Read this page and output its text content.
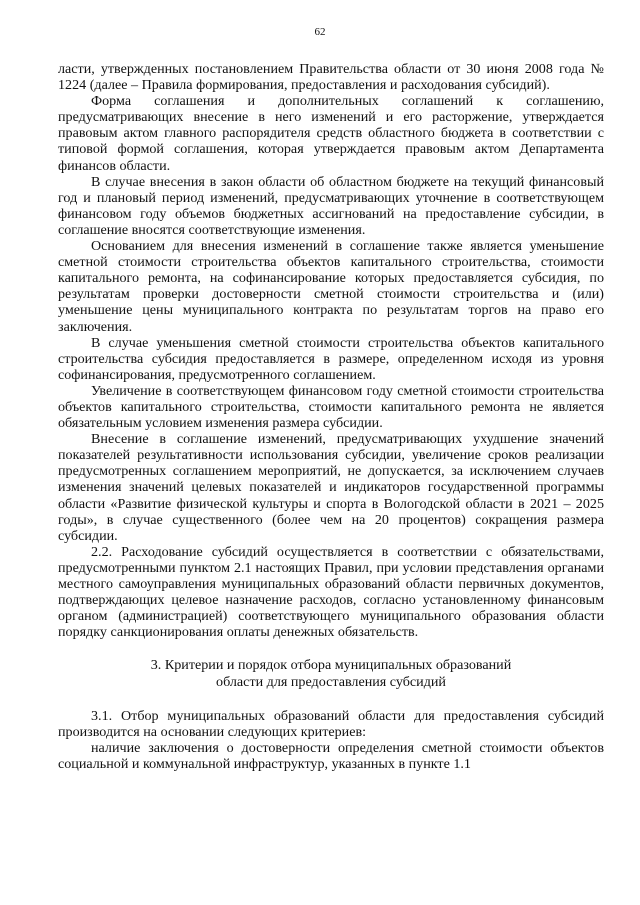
62

ласти, утвержденных постановлением Правительства области от 30 июня 2008 года № 1224 (далее – Правила формирования, предоставления и расходования субсидий).

Форма соглашения и дополнительных соглашений к соглашению, предусматривающих внесение в него изменений и его расторжение, утверждается правовым актом главного распорядителя средств областного бюджета в соответствии с типовой формой соглашения, которая утверждается правовым актом Департамента финансов области.

В случае внесения в закон области об областном бюджете на текущий финансовый год и плановый период изменений, предусматривающих уточнение в соответствующем финансовом году объемов бюджетных ассигнований на предоставление субсидии, в соглашение вносятся соответствующие изменения.

Основанием для внесения изменений в соглашение также является уменьшение сметной стоимости строительства объектов капитального строительства, стоимости капитального ремонта, на софинансирование которых предоставляется субсидия, по результатам проверки достоверности сметной стоимости строительства и (или) уменьшение цены муниципального контракта по результатам торгов на право его заключения.

В случае уменьшения сметной стоимости строительства объектов капитального строительства субсидия предоставляется в размере, определенном исходя из уровня софинансирования, предусмотренного соглашением.

Увеличение в соответствующем финансовом году сметной стоимости строительства объектов капитального строительства, стоимости капитального ремонта не является обязательным условием изменения размера субсидии.

Внесение в соглашение изменений, предусматривающих ухудшение значений показателей результативности использования субсидии, увеличение сроков реализации предусмотренных соглашением мероприятий, не допускается, за исключением случаев изменения значений целевых показателей и индикаторов государственной программы области «Развитие физической культуры и спорта в Вологодской области в 2021 – 2025 годы», в случае существенного (более чем на 20 процентов) сокращения размера субсидии.

2.2. Расходование субсидий осуществляется в соответствии с обязательствами, предусмотренными пунктом 2.1 настоящих Правил, при условии представления органами местного самоуправления муниципальных образований области первичных документов, подтверждающих целевое назначение расходов, согласно установленному финансовым органом (администрацией) соответствующего муниципального образования области порядку санкционирования оплаты денежных обязательств.

3. Критерии и порядок отбора муниципальных образований
области для предоставления субсидий

3.1. Отбор муниципальных образований области для предоставления субсидий производится на основании следующих критериев:

наличие заключения о достоверности определения сметной стоимости объектов социальной и коммунальной инфраструктур, указанных в пункте 1.1
